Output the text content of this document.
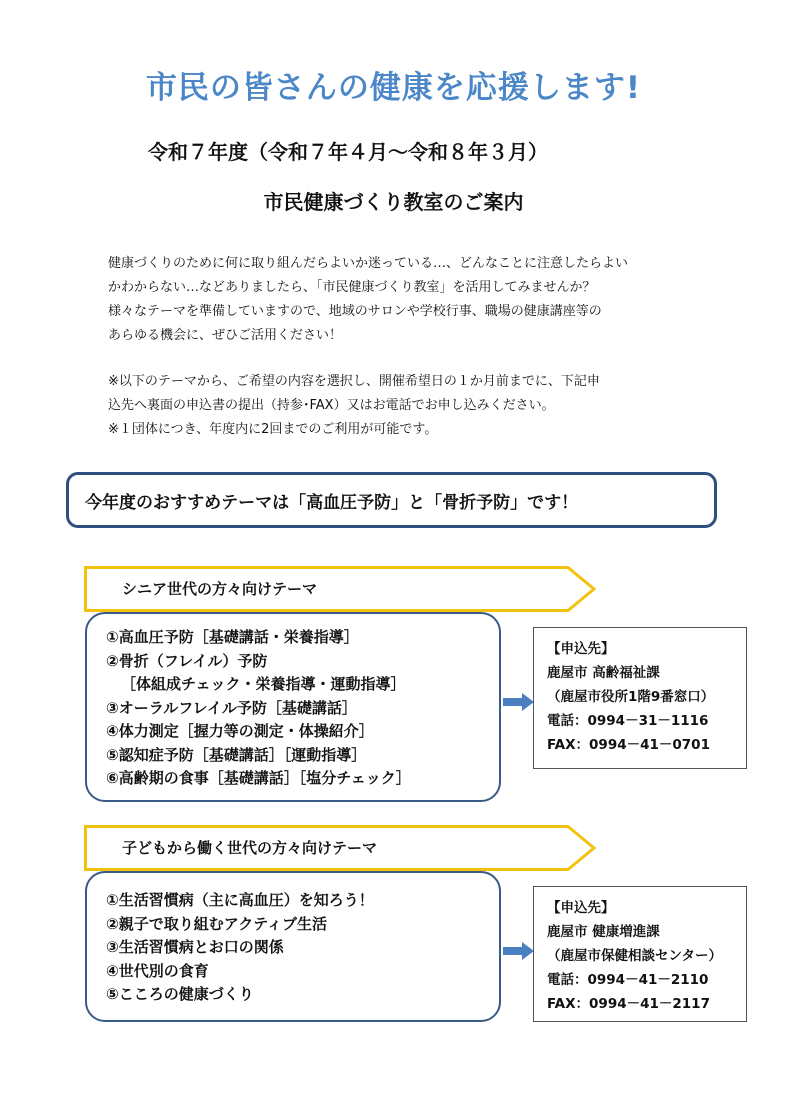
市民の皆さんの健康を応援します!
令和７年度（令和７年４月～令和８年３月）
市民健康づくり教室のご案内
健康づくりのために何に取り組んだらよいか迷っている…、どんなことに注意したらよい
かわからない…などありましたら、「市民健康づくり教室」を活用してみませんか？
様々なテーマを準備していますので、地域のサロンや学校行事、職場の健康講座等の
あらゆる機会に、ぜひご活用ください！
※以下のテーマから、ご希望の内容を選択し、開催希望日の１か月前までに、下記申
込先へ裏面の申込書の提出（持参･FAX）又はお電話でお申し込みください。
※１団体につき、年度内に2回までのご利用が可能です。
今年度のおすすめテーマは「高血圧予防」と「骨折予防」です！
シニア世代の方々向けテーマ
①高血圧予防［基礎講話・栄養指導］
②骨折（フレイル）予防
［体組成チェック・栄養指導・運動指導］
③オーラルフレイル予防［基礎講話］
④体力測定［握力等の測定・体操紹介］
⑤認知症予防［基礎講話］［運動指導］
⑥高齢期の食事［基礎講話］［塩分チェック］
【申込先】
鹿屋市 高齢福祉課
（鹿屋市役所1階9番窓口）
電話：0994－31－1116
FAX：0994－41－0701
子どもから働く世代の方々向けテーマ
①生活習慣病（主に高血圧）を知ろう！
②親子で取り組むアクティブ生活
③生活習慣病とお口の関係
④世代別の食育
⑤こころの健康づくり
【申込先】
鹿屋市 健康増進課
（鹿屋市保健相談センター）
電話：0994－41－2110
FAX：0994－41－2117
